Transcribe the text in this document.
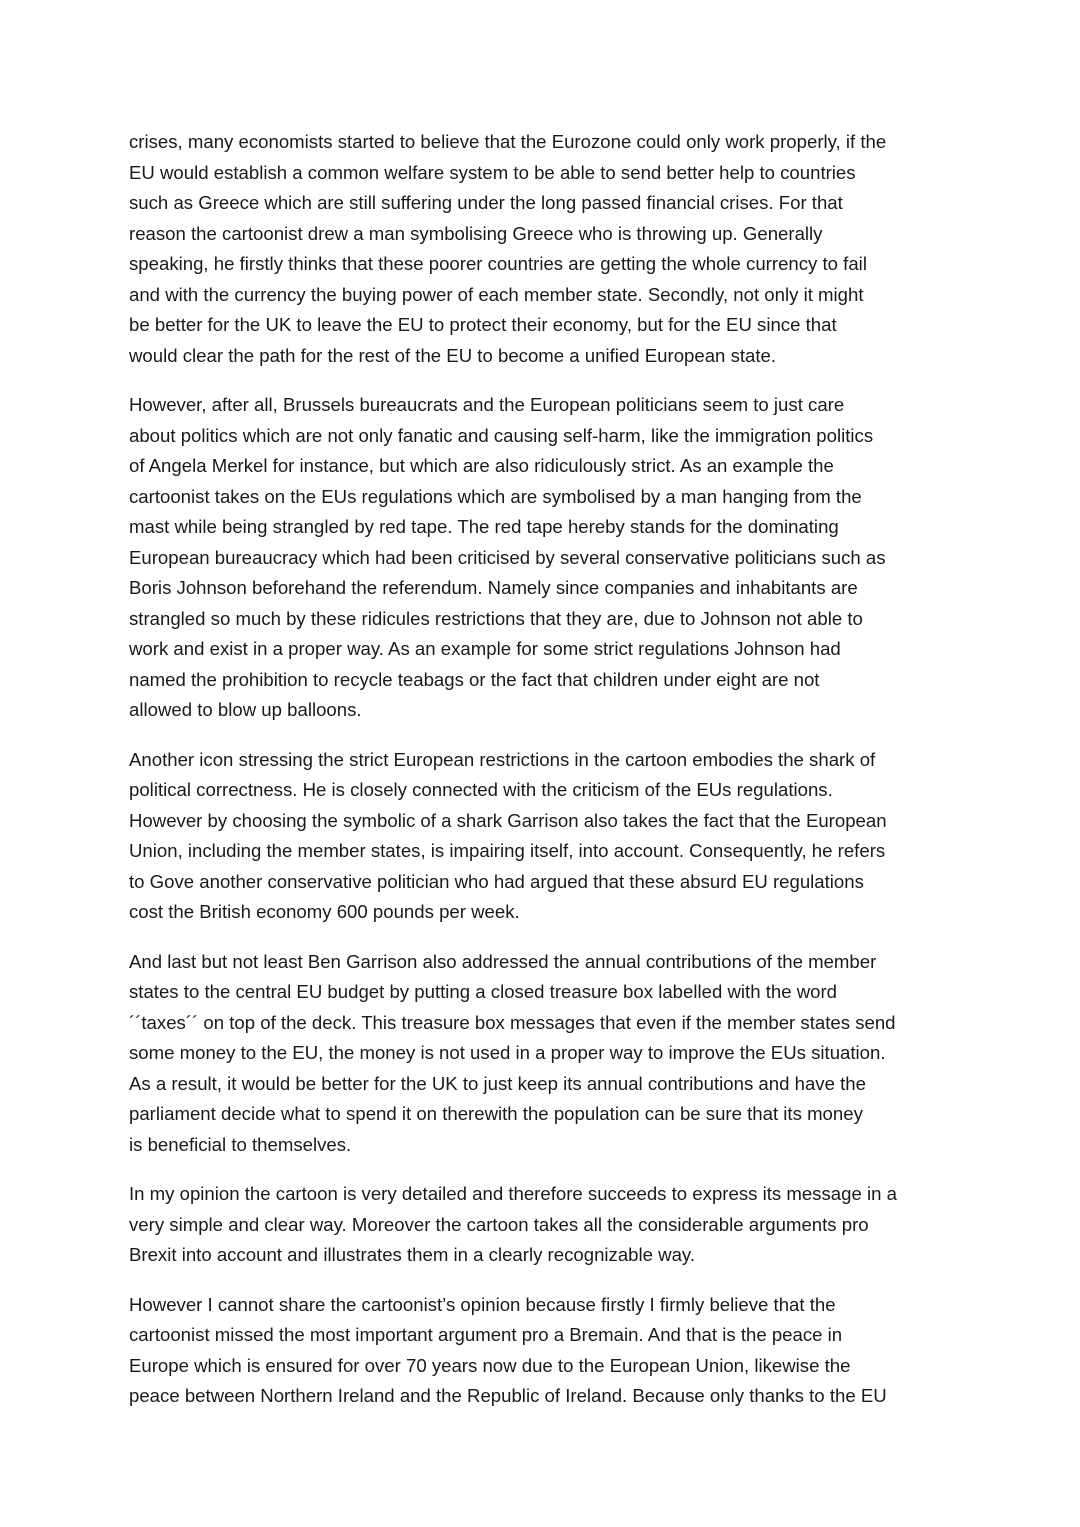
crises, many economists started to believe that the Eurozone could only work properly, if the
EU would establish a common welfare system to be able to send better help to countries
such as Greece which are still suffering under the long passed financial crises. For that
reason the cartoonist drew a man symbolising Greece who is throwing up. Generally
speaking, he firstly thinks that these poorer countries are getting the whole currency to fail
and with the currency the buying power of each member state. Secondly, not only it might
be better for the UK to leave the EU to protect their economy, but for the EU since that
would clear the path for the rest of the EU to become a unified European state.

However, after all, Brussels bureaucrats and the European politicians seem to just care
about politics which are not only fanatic and causing self-harm, like the immigration politics
of Angela Merkel for instance, but which are also ridiculously strict. As an example the
cartoonist takes on the EUs regulations which are symbolised by a man hanging from the
mast while being strangled by red tape. The red tape hereby stands for the dominating
European bureaucracy which had been criticised by several conservative politicians such as
Boris Johnson beforehand the referendum. Namely since companies and inhabitants are
strangled so much by these ridicules restrictions that they are, due to Johnson not able to
work and exist in a proper way. As an example for some strict regulations Johnson had
named the prohibition to recycle teabags or the fact that children under eight are not
allowed to blow up balloons.

Another icon stressing the strict European restrictions in the cartoon embodies the shark of
political correctness. He is closely connected with the criticism of the EUs regulations.
However by choosing the symbolic of a shark Garrison also takes the fact that the European
Union, including the member states, is impairing itself, into account. Consequently, he refers
to Gove another conservative politician who had argued that these absurd EU regulations
cost the British economy 600 pounds per week.

And last but not least Ben Garrison also addressed the annual contributions of the member
states to the central EU budget by putting a closed treasure box labelled with the word
´´taxes´´ on top of the deck. This treasure box messages that even if the member states send
some money to the EU, the money is not used in a proper way to improve the EUs situation.
As a result, it would be better for the UK to just keep its annual contributions and have the
parliament decide what to spend it on therewith the population can be sure that its money
is beneficial to themselves.

In my opinion the cartoon is very detailed and therefore succeeds to express its message in a
very simple and clear way. Moreover the cartoon takes all the considerable arguments pro
Brexit into account and illustrates them in a clearly recognizable way.

However I cannot share the cartoonist’s opinion because firstly I firmly believe that the
cartoonist missed the most important argument pro a Bremain. And that is the peace in
Europe which is ensured for over 70 years now due to the European Union, likewise the
peace between Northern Ireland and the Republic of Ireland. Because only thanks to the EU
